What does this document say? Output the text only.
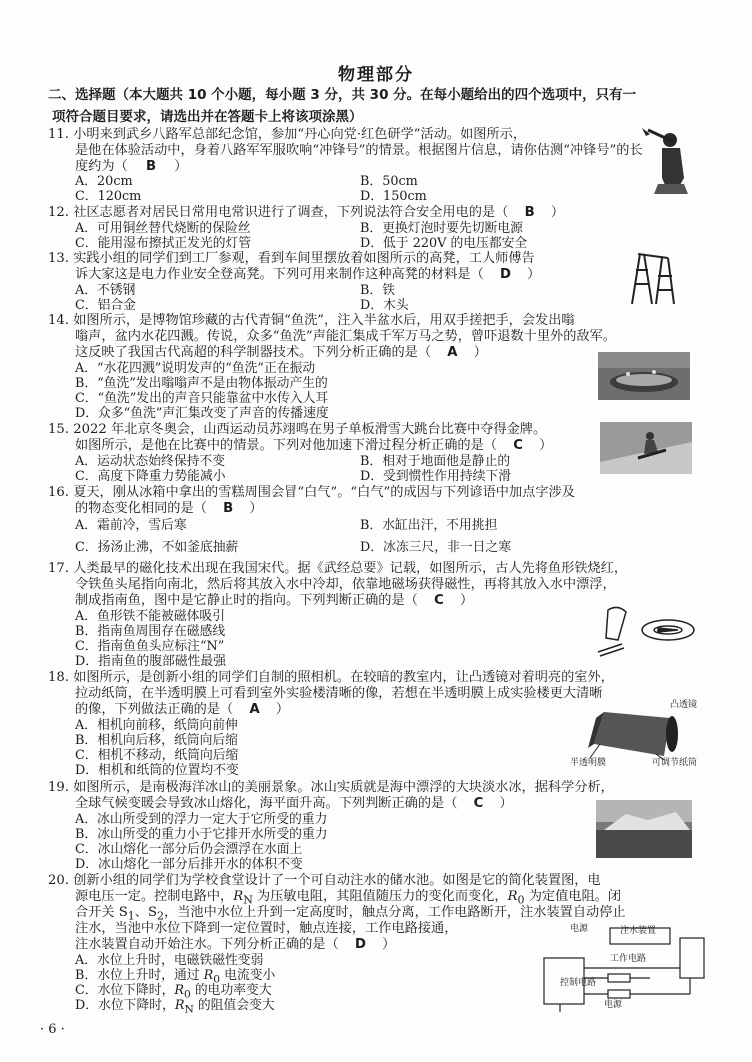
物理部分
二、选择题（本大题共 10 个小题，每小题 3 分，共 30 分。在每小题给出的四个选项中，只有一
项符合题目要求，请选出并在答题卡上将该项涂黑）
11. 小明来到武乡八路军总部纪念馆，参加“丹心向党·红色研学”活动。如图所示，
是他在体验活动中，身着八路军军服吹响“冲锋号”的情景。根据图片信息，请你估测“冲锋号”的长度约为（ B ）
A．20cm	B．50cm
C．120cm	D．150cm
12. 社区志愿者对居民日常用电常识进行了调查，下列说法符合安全用电的是（ B ）
A．可用铜丝替代烧断的保险丝	B．更换灯泡时要先切断电源
C．能用湿布擦拭正发光的灯管	D．低于 220V 的电压都安全
13. 实践小组的同学们到工厂参观，看到车间里摆放着如图所示的高凳，工人师傅告
诉大家这是电力作业安全登高凳。下列可用来制作这种高凳的材料是（ D ）
A．不锈钢	B．铁
C．铝合金	D．木头
14. 如图所示，是博物馆珍藏的古代青铜“鱼洗”，注入半盆水后，用双手搓把手，会发出嗡
嗡声，盆内水花四溅。传说，众多“鱼洗”声能汇集成千军万马之势，曾吓退数十里外的敌军。
这反映了我国古代高超的科学制器技术。下列分析正确的是（ A ）
A．“水花四溅”说明发声的“鱼洗”正在振动
B．“鱼洗”发出嗡嗡声不是由物体振动产生的
C．“鱼洗”发出的声音只能靠盆中水传入人耳
D．众多“鱼洗”声汇集改变了声音的传播速度
15. 2022 年北京冬奥会，山西运动员苏翊鸣在男子单板滑雪大跳台比赛中夺得金牌。
如图所示，是他在比赛中的情景。下列对他加速下滑过程分析正确的是（ C ）
A．运动状态始终保持不变	B．相对于地面他是静止的
C．高度下降重力势能减小	D．受到惯性作用持续下滑
16. 夏天，刚从冰箱中拿出的雪糕周围会冒“白气”。“白气”的成因与下列谚语中加点字涉及
的物态变化相同的是（ B ）
A．霜前冷，雪后寒	B．水缸出汗，不用挑担
C．扬汤止沸，不如釜底抽薪	D．冰冻三尺，非一日之寒
17. 人类最早的磁化技术出现在我国宋代。据《武经总要》记载，如图所示，古人先将鱼形铁烧红，
令铁鱼头尾指向南北，然后将其放入水中冷却，依靠地磁场获得磁性，再将其放入水中漂浮，
制成指南鱼，图中是它静止时的指向。下列判断正确的是（ C ）
A．鱼形铁不能被磁体吸引
B．指南鱼周围存在磁感线
C．指南鱼鱼头应标注“N”
D．指南鱼的腹部磁性最强
18. 如图所示，是创新小组的同学们自制的照相机。在较暗的教室内，让凸透镜对着明亮的室外，
拉动纸筒，在半透明膜上可看到室外实验楼清晰的像，若想在半透明膜上成实验楼更大清晰
的像，下列做法正确的是（ A ）
A．相机向前移，纸筒向前伸
B．相机向后移，纸筒向后缩
C．相机不移动，纸筒向后缩
D．相机和纸筒的位置均不变
凸透镜
半透明膜	可调节纸筒
19. 如图所示，是南极海洋冰山的美丽景象。冰山实质就是海中漂浮的大块淡水冰，据科学分析，
全球气候变暖会导致冰山熔化，海平面升高。下列判断正确的是（ C ）
A．冰山所受到的浮力一定大于它所受的重力
B．冰山所受的重力小于它排开水所受的重力
C．冰山熔化一部分后仍会漂浮在水面上
D．冰山熔化一部分后排开水的体积不变
20. 创新小组的同学们为学校食堂设计了一个可自动注水的储水池。如图是它的简化装置图，电
源电压一定。控制电路中，$R_N$ 为压敏电阻，其阻值随压力的变化而变化，$R_0$ 为定值电阻。闭
合开关 $S_1$、$S_2$，当池中水位上升到一定高度时，触点分离，工作电路断开，注水装置自动停止
注水，当池中水位下降到一定位置时，触点连接，工作电路接通，
注水装置自动开始注水。下列分析正确的是（ D ）
A．水位上升时，电磁铁磁性变弱
B．水位上升时，通过 $R_0$ 电流变小
C．水位下降时，$R_0$ 的电功率变大
D．水位下降时，$R_N$ 的阻值会变大
电源	注水装置
工作电路
控制电路
电源
· 6 ·
